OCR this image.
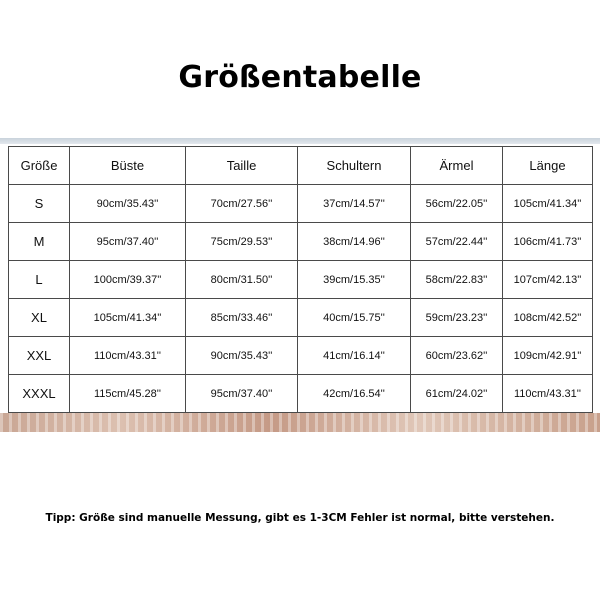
Größentabelle
Größe	Büste	Taille	Schultern	Ärmel	Länge
S	90cm/35.43''	70cm/27.56''	37cm/14.57''	56cm/22.05''	105cm/41.34''
M	95cm/37.40''	75cm/29.53''	38cm/14.96''	57cm/22.44''	106cm/41.73''
L	100cm/39.37''	80cm/31.50''	39cm/15.35''	58cm/22.83''	107cm/42.13''
XL	105cm/41.34''	85cm/33.46''	40cm/15.75''	59cm/23.23''	108cm/42.52''
XXL	110cm/43.31''	90cm/35.43''	41cm/16.14''	60cm/23.62''	109cm/42.91''
XXXL	115cm/45.28''	95cm/37.40''	42cm/16.54''	61cm/24.02''	110cm/43.31''
Tipp: Größe sind manuelle Messung, gibt es 1-3CM Fehler ist normal, bitte verstehen.
